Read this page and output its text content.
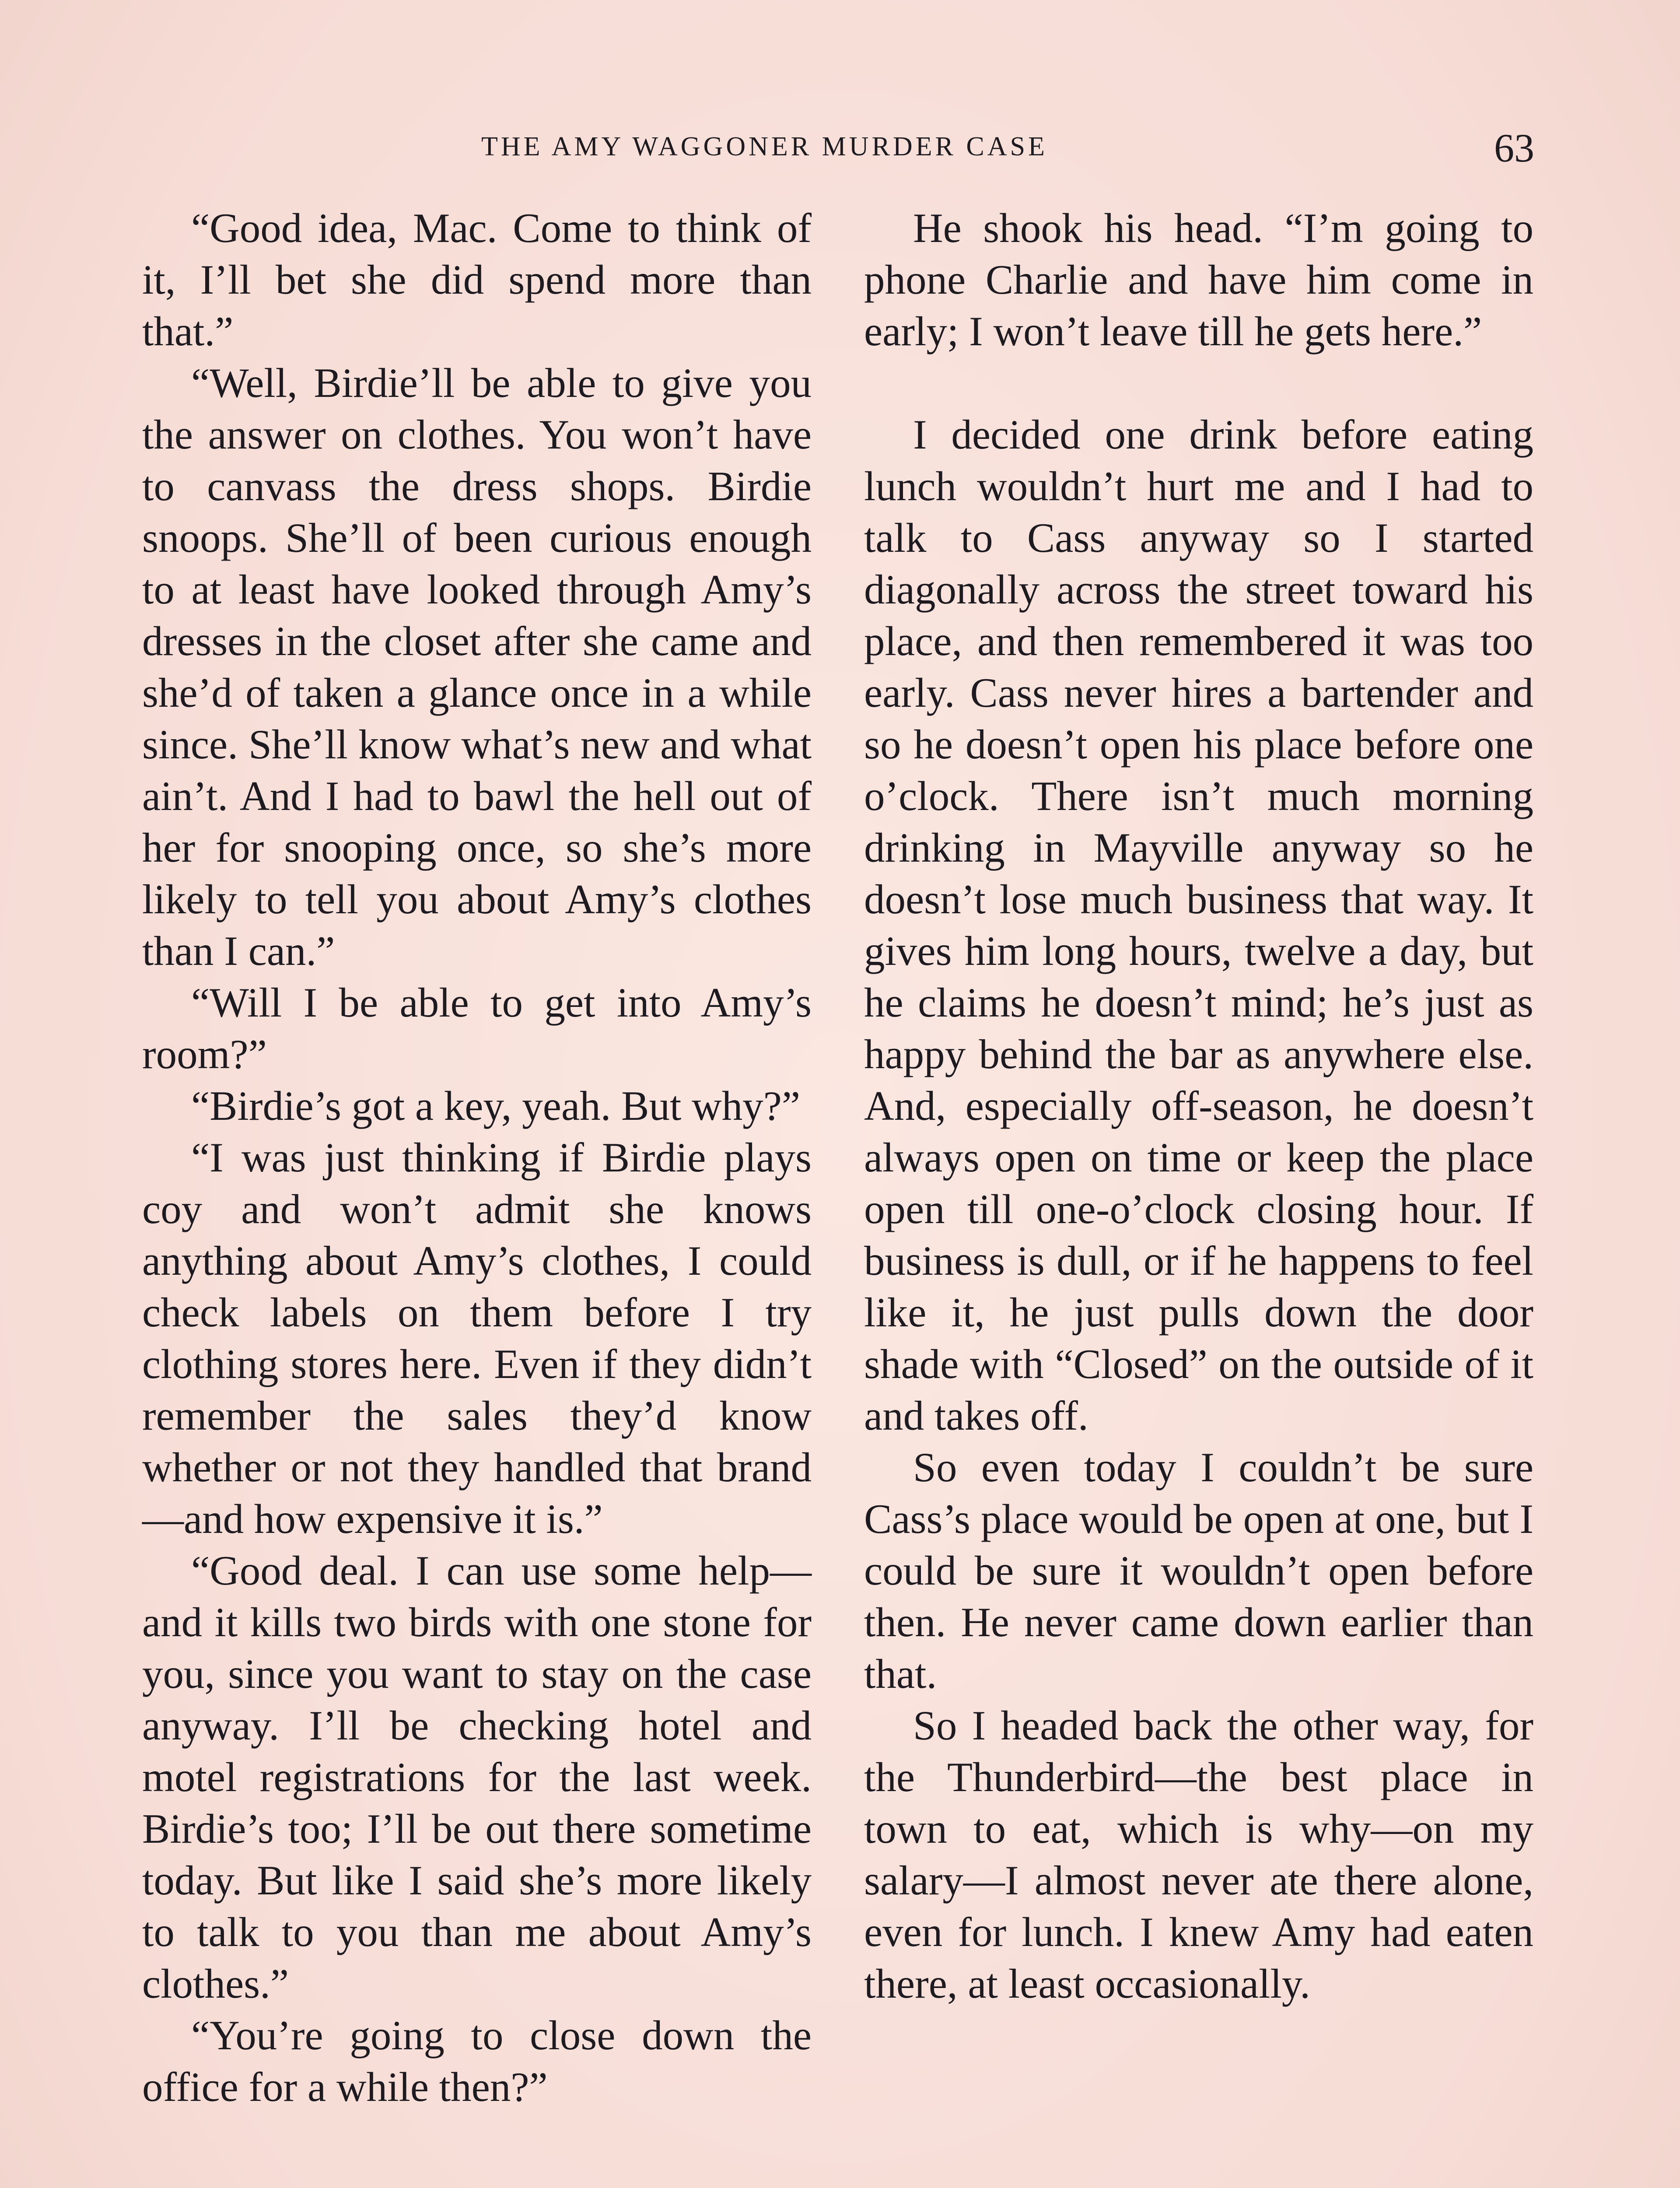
THE AMY WAGGONER MURDER CASE	63

“Good idea, Mac. Come to think of it, I’ll bet she did spend more than that.”

“Well, Birdie’ll be able to give you the answer on clothes. You won’t have to canvass the dress shops. Birdie snoops. She’ll of been curious enough to at least have looked through Amy’s dresses in the closet after she came and she’d of taken a glance once in a while since. She’ll know what’s new and what ain’t. And I had to bawl the hell out of her for snooping once, so she’s more likely to tell you about Amy’s clothes than I can.”

“Will I be able to get into Amy’s room?”

“Birdie’s got a key, yeah. But why?”

“I was just thinking if Birdie plays coy and won’t admit she knows anything about Amy’s clothes, I could check labels on them before I try clothing stores here. Even if they didn’t remember the sales they’d know whether or not they handled that brand —and how expensive it is.”

“Good deal. I can use some help—and it kills two birds with one stone for you, since you want to stay on the case anyway. I’ll be checking hotel and motel registrations for the last week. Birdie’s too; I’ll be out there sometime today. But like I said she’s more likely to talk to you than me about Amy’s clothes.”

“You’re going to close down the office for a while then?”

He shook his head. “I’m going to phone Charlie and have him come in early; I won’t leave till he gets here.”

I decided one drink before eating lunch wouldn’t hurt me and I had to talk to Cass anyway so I started diagonally across the street toward his place, and then remembered it was too early. Cass never hires a bartender and so he doesn’t open his place before one o’clock. There isn’t much morning drinking in Mayville anyway so he doesn’t lose much business that way. It gives him long hours, twelve a day, but he claims he doesn’t mind; he’s just as happy behind the bar as anywhere else. And, especially off-season, he doesn’t always open on time or keep the place open till one-o’clock closing hour. If business is dull, or if he happens to feel like it, he just pulls down the door shade with “Closed” on the outside of it and takes off.

So even today I couldn’t be sure Cass’s place would be open at one, but I could be sure it wouldn’t open before then. He never came down earlier than that.

So I headed back the other way, for the Thunderbird—the best place in town to eat, which is why—on my salary—I almost never ate there alone, even for lunch. I knew Amy had eaten there, at least occasionally.
